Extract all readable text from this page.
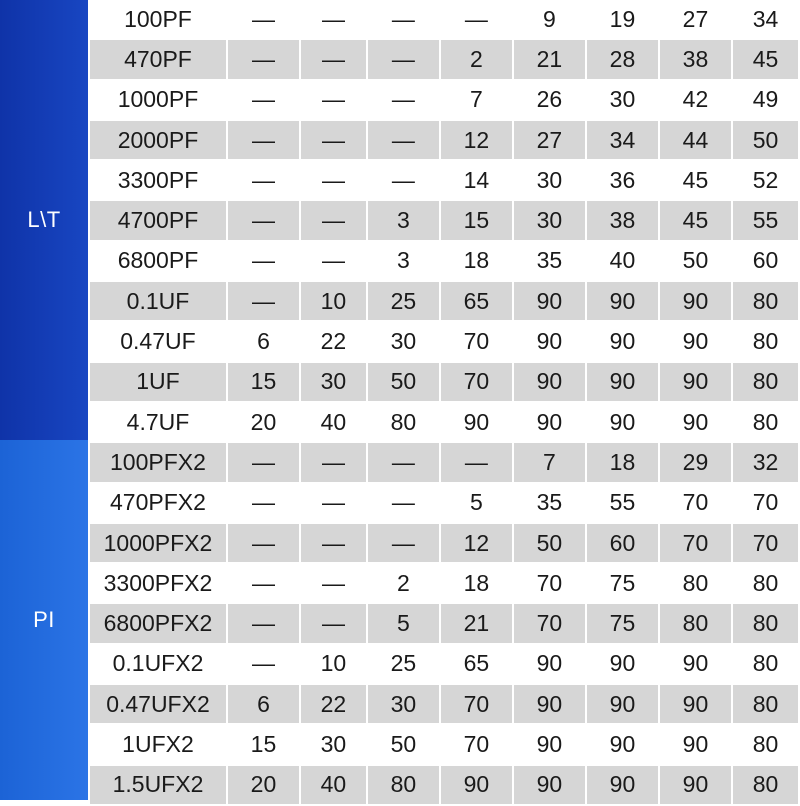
L\T
PI
100PF	—	—	—	—	9	19	27	34
470PF	—	—	—	2	21	28	38	45
1000PF	—	—	—	7	26	30	42	49
2000PF	—	—	—	12	27	34	44	50
3300PF	—	—	—	14	30	36	45	52
4700PF	—	—	3	15	30	38	45	55
6800PF	—	—	3	18	35	40	50	60
0.1UF	—	10	25	65	90	90	90	80
0.47UF	6	22	30	70	90	90	90	80
1UF	15	30	50	70	90	90	90	80
4.7UF	20	40	80	90	90	90	90	80
100PFX2	—	—	—	—	7	18	29	32
470PFX2	—	—	—	5	35	55	70	70
1000PFX2	—	—	—	12	50	60	70	70
3300PFX2	—	—	2	18	70	75	80	80
6800PFX2	—	—	5	21	70	75	80	80
0.1UFX2	—	10	25	65	90	90	90	80
0.47UFX2	6	22	30	70	90	90	90	80
1UFX2	15	30	50	70	90	90	90	80
1.5UFX2	20	40	80	90	90	90	90	80
